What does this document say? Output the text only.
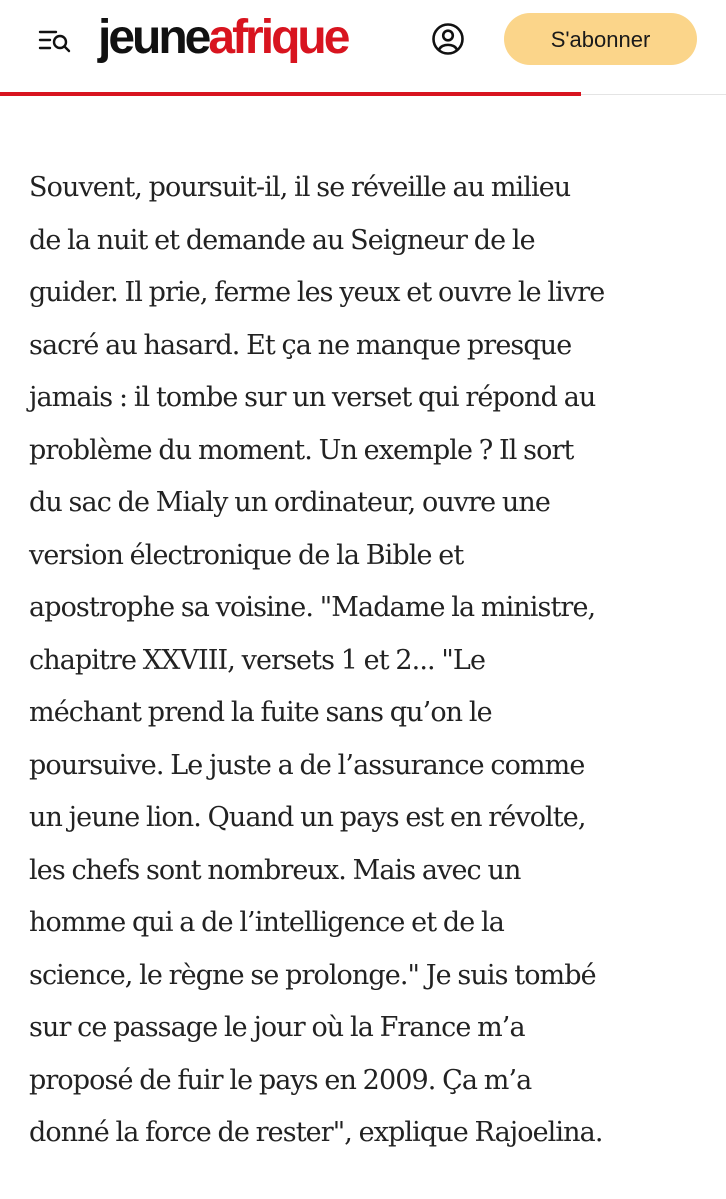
jeuneafrique	S'abonner

Souvent, poursuit-il, il se réveille au milieu
de la nuit et demande au Seigneur de le
guider. Il prie, ferme les yeux et ouvre le livre
sacré au hasard. Et ça ne manque presque
jamais : il tombe sur un verset qui répond au
problème du moment. Un exemple ? Il sort
du sac de Mialy un ordinateur, ouvre une
version électronique de la Bible et
apostrophe sa voisine. "Madame la ministre,
chapitre XXVIII, versets 1 et 2... "Le
méchant prend la fuite sans qu’on le
poursuive. Le juste a de l’assurance comme
un jeune lion. Quand un pays est en révolte,
les chefs sont nombreux. Mais avec un
homme qui a de l’intelligence et de la
science, le règne se prolonge." Je suis tombé
sur ce passage le jour où la France m’a
proposé de fuir le pays en 2009. Ça m’a
donné la force de rester", explique Rajoelina.
